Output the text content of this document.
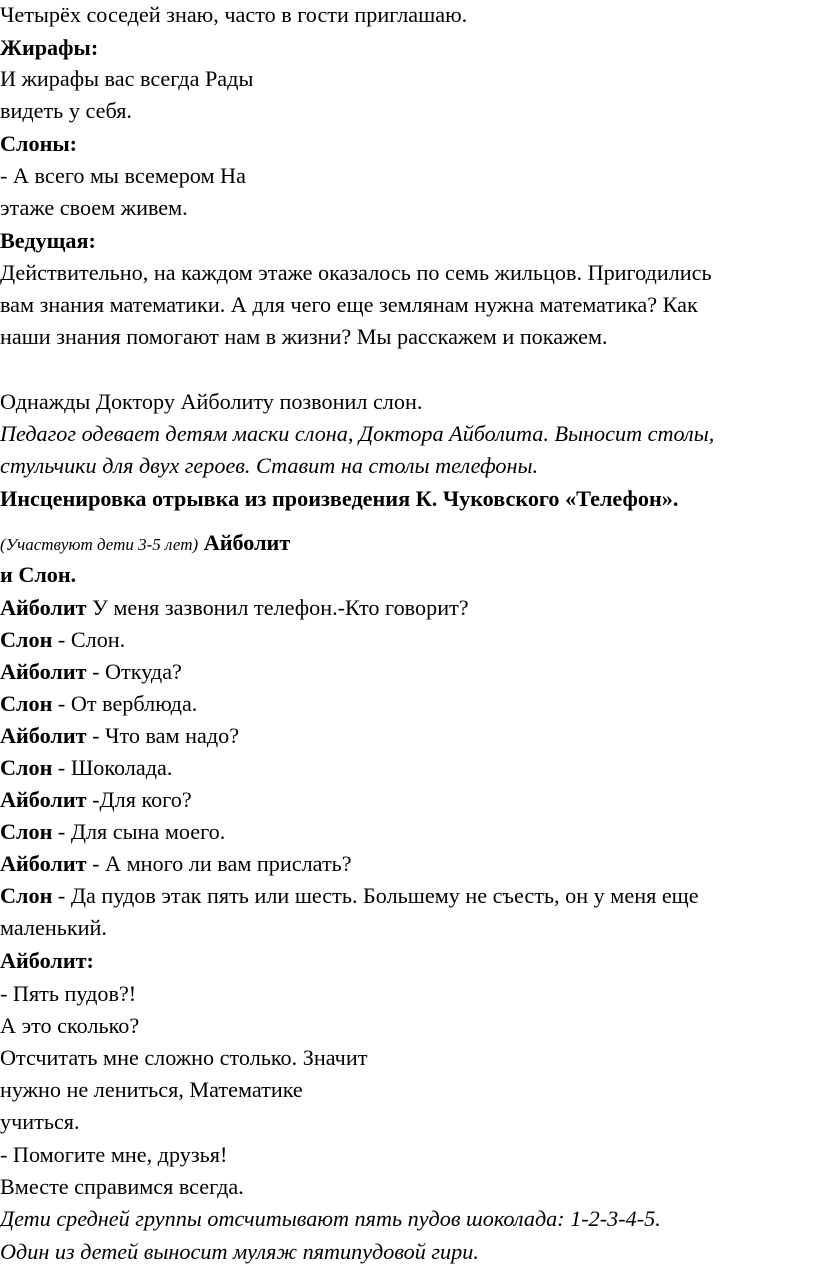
Четырёх соседей знаю, часто в гости приглашаю.

Жирафы:

И жирафы вас всегда Рады

видеть у себя.

Слоны:

- А всего мы всемером На

этаже своем живем.

Ведущая:

Действительно, на каждом этаже оказалось по семь жильцов. Пригодились

вам знания математики. А для чего еще землянам нужна математика? Как

наши знания помогают нам в жизни? Мы расскажем и покажем.

Однажды Доктору Айболиту позвонил слон.

Педагог одевает детям маски слона, Доктора Айболита. Выносит столы,

стульчики для двух героев. Ставит на столы телефоны.

Инсценировка отрывка из произведения К. Чуковского «Телефон».

(Участвуют дети 3-5 лет) Айболит

и Слон.

Айболит У меня зазвонил телефон.-Кто говорит?

Слон - Слон.

Айболит - Откуда?

Слон - От верблюда.

Айболит - Что вам надо?

Слон - Шоколада.

Айболит -Для кого?

Слон - Для сына моего.

Айболит - А много ли вам прислать?

Слон - Да пудов этак пять или шесть. Большему не съесть, он у меня еще

маленький.

Айболит:

- Пять пудов?!

А это сколько?

Отсчитать мне сложно столько. Значит

нужно не лениться, Математике

учиться.

- Помогите мне, друзья!

Вместе справимся всегда.

Дети средней группы отсчитывают пять пудов шоколада: 1-2-3-4-5.

Один из детей выносит муляж пятипудовой гири.
